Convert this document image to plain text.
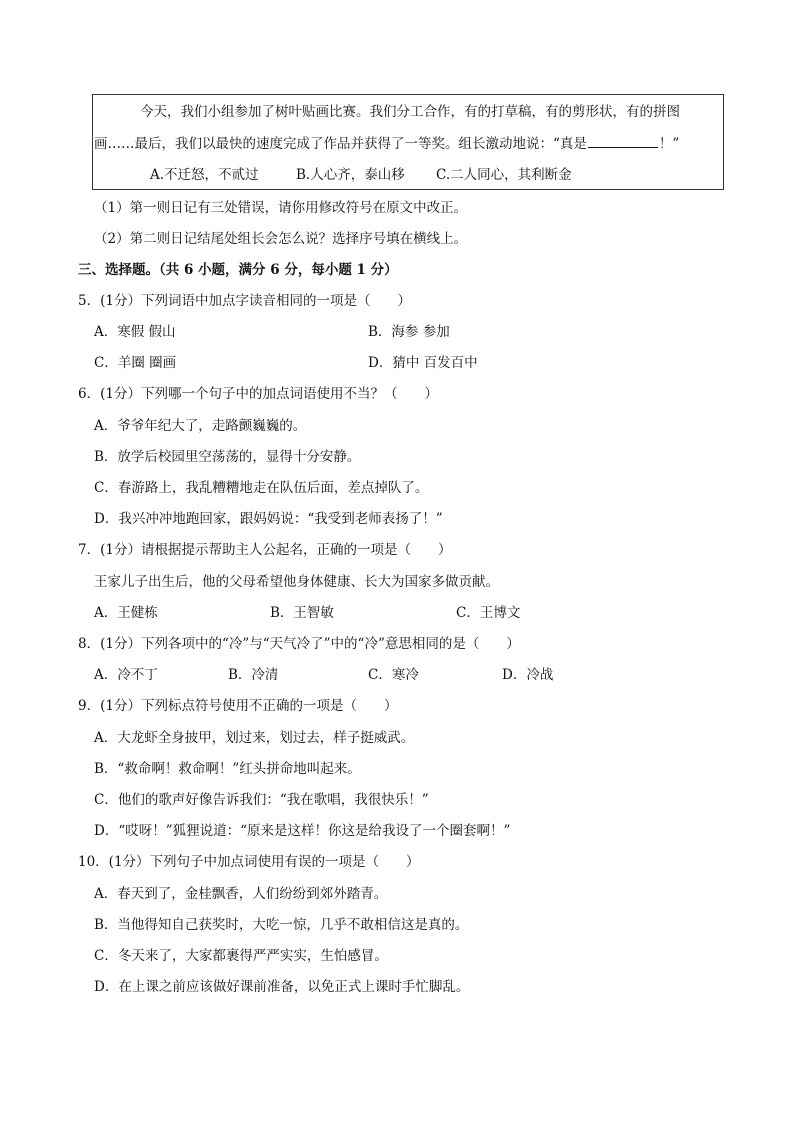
今天，我们小组参加了树叶贴画比赛。我们分工合作，有的打草稿，有的剪形状，有的拼图
画……最后，我们以最快的速度完成了作品并获得了一等奖。组长激动地说：“真是	！”
A.不迁怒，不贰过	B.人心齐，泰山移 C.二人同心，其利断金
（1）第一则日记有三处错误，请你用修改符号在原文中改正。
（2）第二则日记结尾处组长会怎么说？选择序号填在横线上。
三、选择题。（共 6 小题，满分 6 分，每小题 1 分）
5．(1分）下列词语中加点字读音相同的一项是（　　）
A．寒假 假山	B．海参 参加
C．羊圈 圈画	D．猜中 百发百中
6．(1分）下列哪一个句子中的加点词语使用不当？（　　）
A．爷爷年纪大了，走路颤巍巍的。
B．放学后校园里空荡荡的，显得十分安静。
C．春游路上，我乱糟糟地走在队伍后面，差点掉队了。
D．我兴冲冲地跑回家，跟妈妈说：“我受到老师表扬了！”
7．(1分）请根据提示帮助主人公起名，正确的一项是（　　）
王家儿子出生后，他的父母希望他身体健康、长大为国家多做贡献。
A．王健栋	B．王智敏	C．王博文
8．(1分）下列各项中的“冷”与“天气冷了”中的“冷”意思相同的是（　　）
A．冷不丁	B．冷清	C．寒冷	D．冷战
9．(1分）下列标点符号使用不正确的一项是（　　）
A．大龙虾全身披甲，划过来，划过去，样子挺威武。
B．“救命啊！救命啊！”红头拼命地叫起来。
C．他们的歌声好像告诉我们：“我在歌唱，我很快乐！”
D．“哎呀！”狐狸说道：“原来是这样！你这是给我设了一个圈套啊！”
10．(1分）下列句子中加点词使用有误的一项是（　　）
A．春天到了，金桂飘香，人们纷纷到郊外踏青。
B．当他得知自己获奖时，大吃一惊，几乎不敢相信这是真的。
C．冬天来了，大家都裹得严严实实，生怕感冒。
D．在上课之前应该做好课前准备，以免正式上课时手忙脚乱。
